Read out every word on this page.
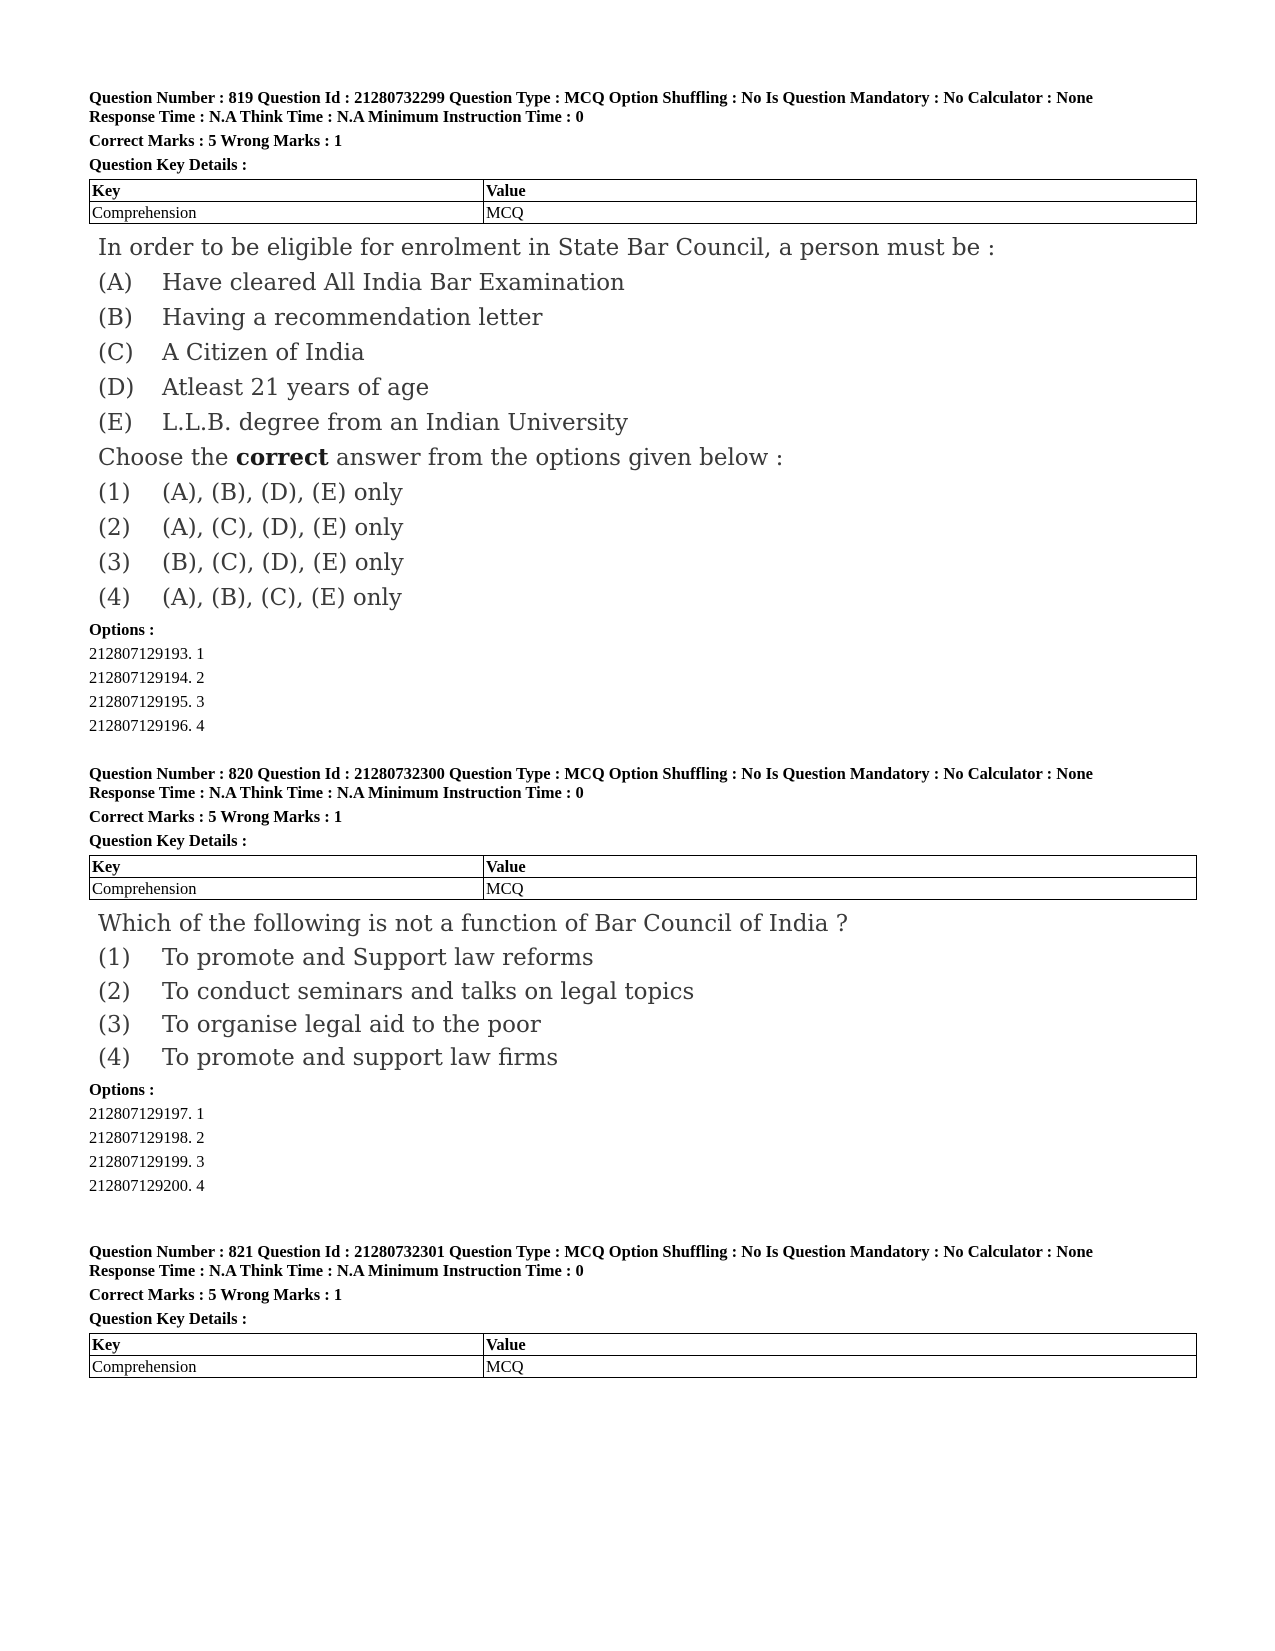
Question Number : 819 Question Id : 21280732299 Question Type : MCQ Option Shuffling : No Is Question Mandatory : No Calculator : None
Response Time : N.A Think Time : N.A Minimum Instruction Time : 0
Correct Marks : 5 Wrong Marks : 1
Question Key Details :
Key	Value
Comprehension	MCQ
In order to be eligible for enrolment in State Bar Council, a person must be :
(A)	Have cleared All India Bar Examination
(B)	Having a recommendation letter
(C)	A Citizen of India
(D)	Atleast 21 years of age
(E)	L.L.B. degree from an Indian University
Choose the correct answer from the options given below :
(1)	(A), (B), (D), (E) only
(2)	(A), (C), (D), (E) only
(3)	(B), (C), (D), (E) only
(4)	(A), (B), (C), (E) only
Options :
212807129193. 1
212807129194. 2
212807129195. 3
212807129196. 4
Question Number : 820 Question Id : 21280732300 Question Type : MCQ Option Shuffling : No Is Question Mandatory : No Calculator : None
Response Time : N.A Think Time : N.A Minimum Instruction Time : 0
Correct Marks : 5 Wrong Marks : 1
Question Key Details :
Key	Value
Comprehension	MCQ
Which of the following is not a function of Bar Council of India ?
(1)	To promote and Support law reforms
(2)	To conduct seminars and talks on legal topics
(3)	To organise legal aid to the poor
(4)	To promote and support law firms
Options :
212807129197. 1
212807129198. 2
212807129199. 3
212807129200. 4
Question Number : 821 Question Id : 21280732301 Question Type : MCQ Option Shuffling : No Is Question Mandatory : No Calculator : None
Response Time : N.A Think Time : N.A Minimum Instruction Time : 0
Correct Marks : 5 Wrong Marks : 1
Question Key Details :
Key	Value
Comprehension	MCQ
